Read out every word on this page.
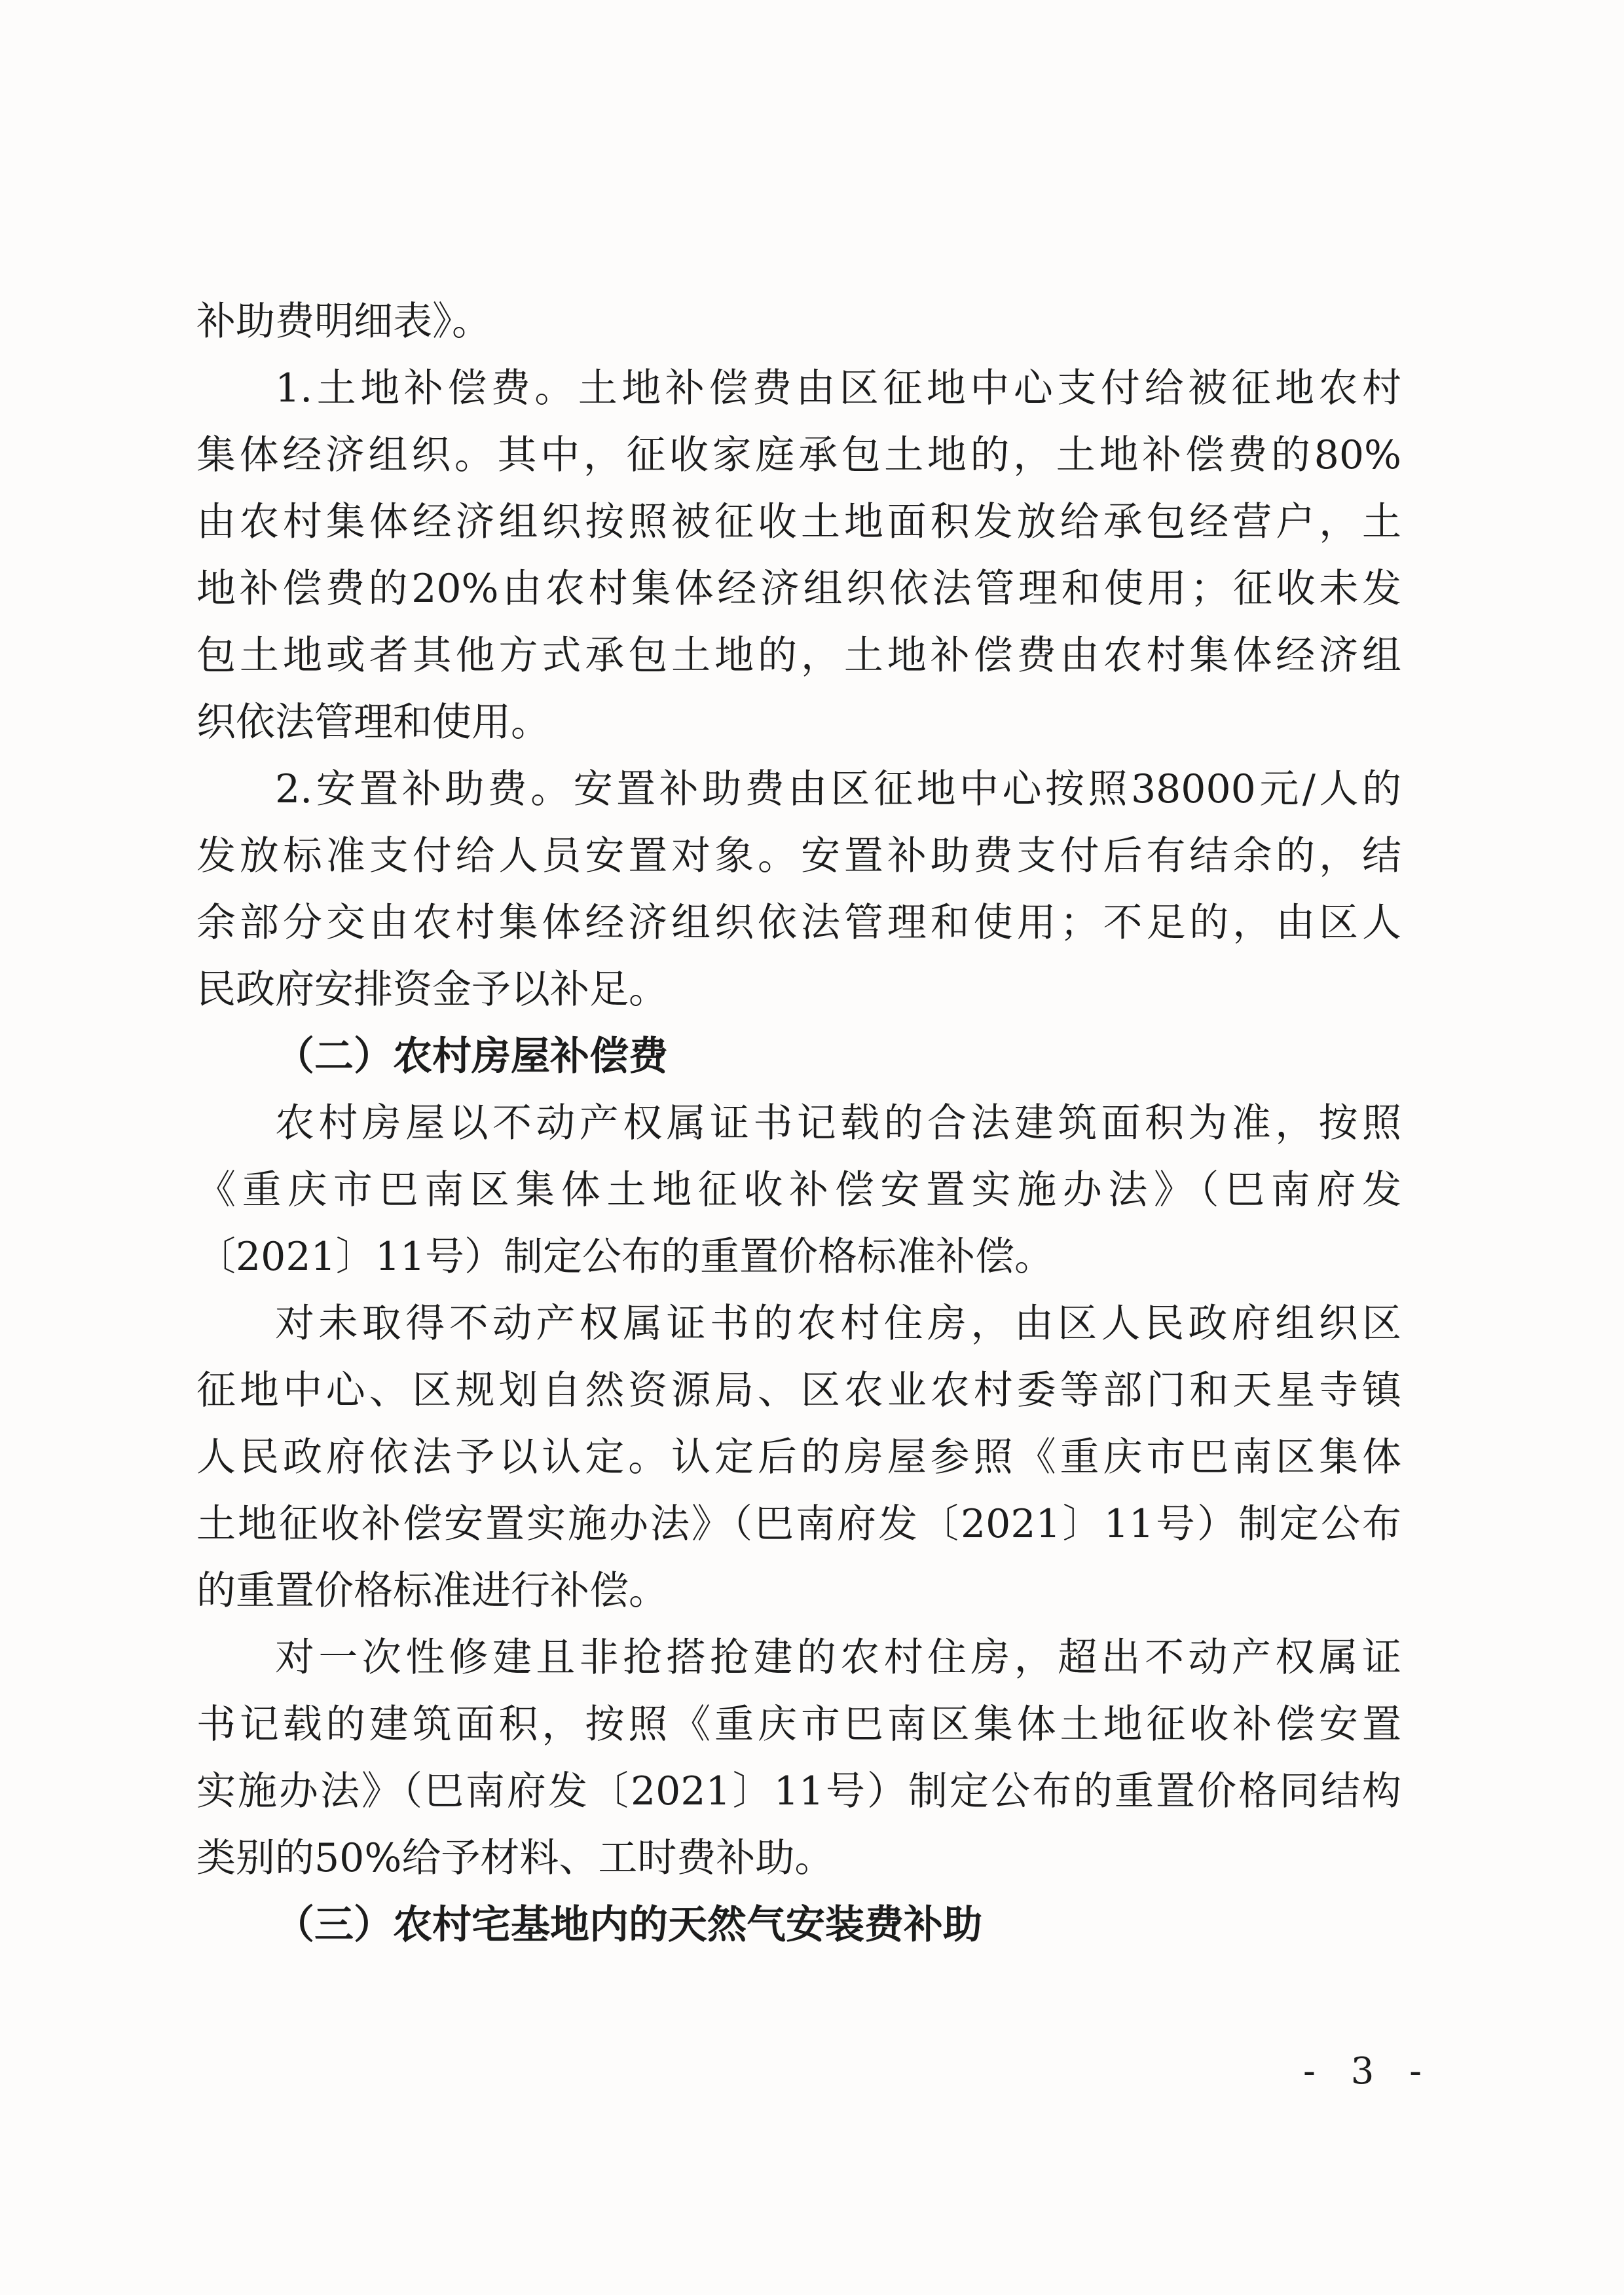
补助费明细表》。
1.土地补偿费。土地补偿费由区征地中心支付给被征地农村
集体经济组织。其中，征收家庭承包土地的，土地补偿费的80%
由农村集体经济组织按照被征收土地面积发放给承包经营户，土
地补偿费的20%由农村集体经济组织依法管理和使用；征收未发
包土地或者其他方式承包土地的，土地补偿费由农村集体经济组
织依法管理和使用。
2.安置补助费。安置补助费由区征地中心按照38000元/人的
发放标准支付给人员安置对象。安置补助费支付后有结余的，结
余部分交由农村集体经济组织依法管理和使用；不足的，由区人
民政府安排资金予以补足。
（二）农村房屋补偿费
农村房屋以不动产权属证书记载的合法建筑面积为准，按照
《重庆市巴南区集体土地征收补偿安置实施办法》（巴南府发
〔2021〕11号）制定公布的重置价格标准补偿。
对未取得不动产权属证书的农村住房，由区人民政府组织区
征地中心、区规划自然资源局、区农业农村委等部门和天星寺镇
人民政府依法予以认定。认定后的房屋参照《重庆市巴南区集体
土地征收补偿安置实施办法》（巴南府发〔2021〕11号）制定公布
的重置价格标准进行补偿。
对一次性修建且非抢搭抢建的农村住房，超出不动产权属证
书记载的建筑面积，按照《重庆市巴南区集体土地征收补偿安置
实施办法》（巴南府发〔2021〕11号）制定公布的重置价格同结构
类别的50%给予材料、工时费补助。
（三）农村宅基地内的天然气安装费补助
- 3 -
